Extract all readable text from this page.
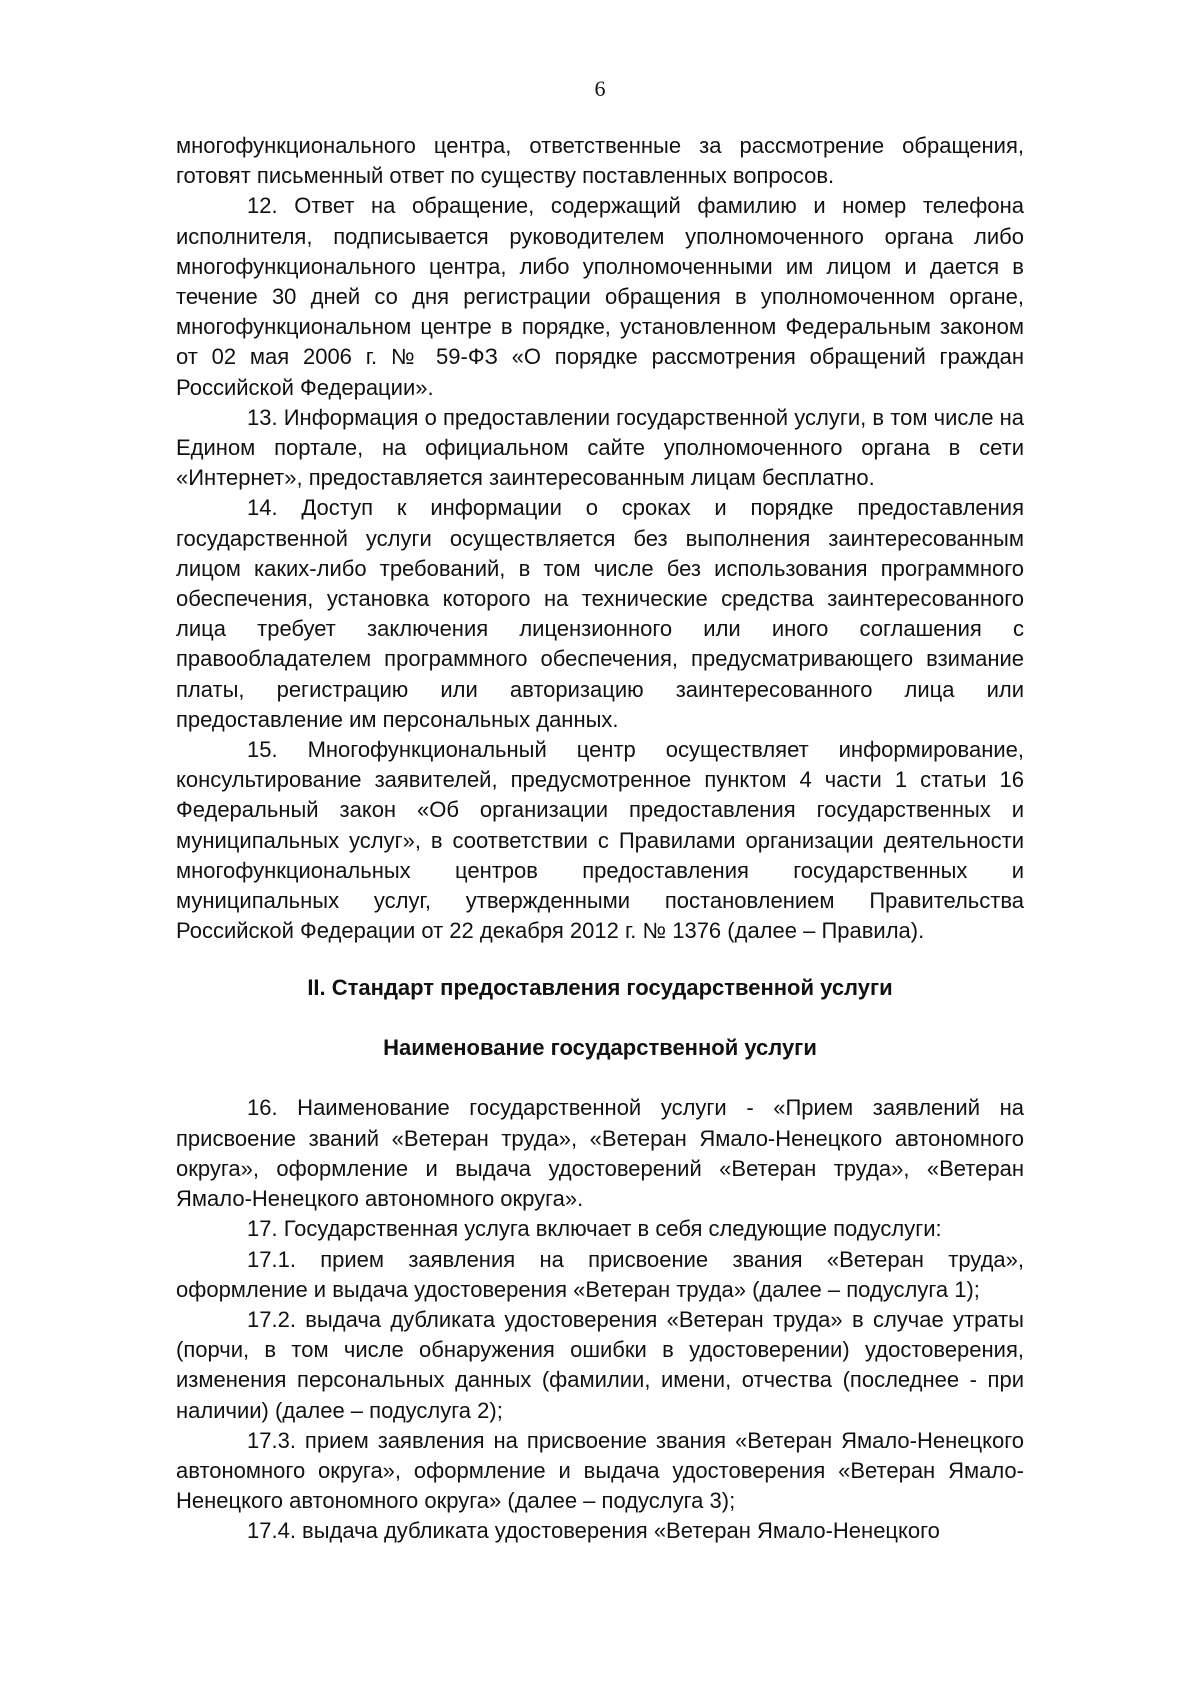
6

многофункционального центра, ответственные за рассмотрение обращения, готовят письменный ответ по существу поставленных вопросов.

12. Ответ на обращение, содержащий фамилию и номер телефона исполнителя, подписывается руководителем уполномоченного органа либо многофункционального центра, либо уполномоченными им лицом и дается в течение 30 дней со дня регистрации обращения в уполномоченном органе, многофункциональном центре в порядке, установленном Федеральным законом от 02 мая 2006 г. № 59-ФЗ «О порядке рассмотрения обращений граждан Российской Федерации».

13. Информация о предоставлении государственной услуги, в том числе на Едином портале, на официальном сайте уполномоченного органа в сети «Интернет», предоставляется заинтересованным лицам бесплатно.

14. Доступ к информации о сроках и порядке предоставления государственной услуги осуществляется без выполнения заинтересованным лицом каких-либо требований, в том числе без использования программного обеспечения, установка которого на технические средства заинтересованного лица требует заключения лицензионного или иного соглашения с правообладателем программного обеспечения, предусматривающего взимание платы, регистрацию или авторизацию заинтересованного лица или предоставление им персональных данных.

15. Многофункциональный центр осуществляет информирование, консультирование заявителей, предусмотренное пунктом 4 части 1 статьи 16 Федеральный закон «Об организации предоставления государственных и муниципальных услуг», в соответствии с Правилами организации деятельности многофункциональных центров предоставления государственных и муниципальных услуг, утвержденными постановлением Правительства Российской Федерации от 22 декабря 2012 г. № 1376 (далее – Правила).

II. Стандарт предоставления государственной услуги
Наименование государственной услуги

16. Наименование государственной услуги - «Прием заявлений на присвоение званий «Ветеран труда», «Ветеран Ямало-Ненецкого автономного округа», оформление и выдача удостоверений «Ветеран труда», «Ветеран Ямало-Ненецкого автономного округа».

17. Государственная услуга включает в себя следующие подуслуги:

17.1. прием заявления на присвоение звания «Ветеран труда», оформление и выдача удостоверения «Ветеран труда» (далее – подуслуга 1);

17.2. выдача дубликата удостоверения «Ветеран труда» в случае утраты (порчи, в том числе обнаружения ошибки в удостоверении) удостоверения, изменения персональных данных (фамилии, имени, отчества (последнее - при наличии) (далее – подуслуга 2);

17.3. прием заявления на присвоение звания «Ветеран Ямало-Ненецкого автономного округа», оформление и выдача удостоверения «Ветеран Ямало-Ненецкого автономного округа» (далее – подуслуга 3);

17.4. выдача дубликата удостоверения «Ветеран Ямало-Ненецкого
